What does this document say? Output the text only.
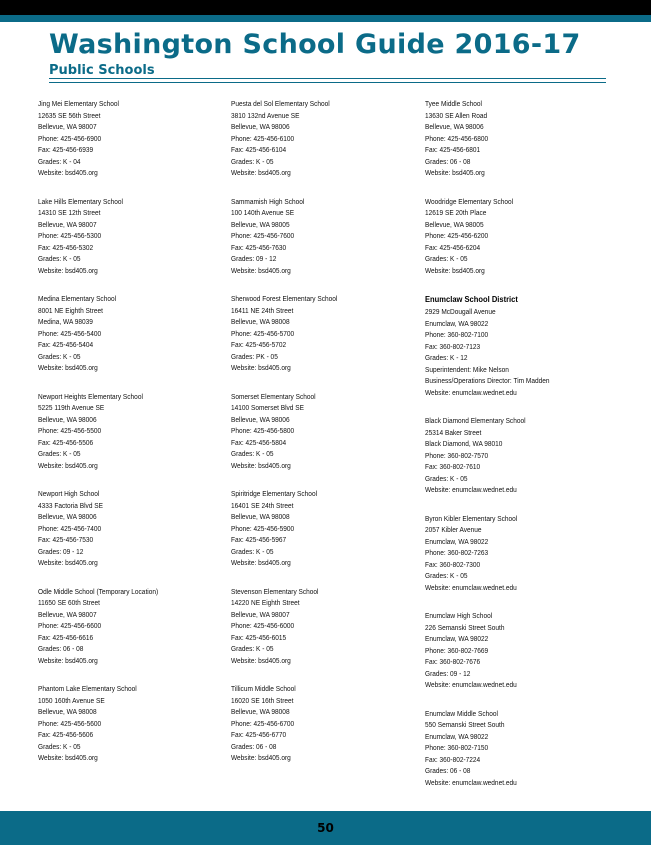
Washington School Guide 2016-17
Public Schools
Jing Mei Elementary School
12635 SE 56th Street
Bellevue, WA 98007
Phone: 425-456-6900
Fax: 425-456-6939
Grades: K - 04
Website: bsd405.org
Lake Hills Elementary School
14310 SE 12th Street
Bellevue, WA 98007
Phone: 425-456-5300
Fax: 425-456-5302
Grades: K - 05
Website: bsd405.org
Medina Elementary School
8001 NE Eighth Street
Medina, WA 98039
Phone: 425-456-5400
Fax: 425-456-5404
Grades: K - 05
Website: bsd405.org
Newport Heights Elementary School
5225 119th Avenue SE
Bellevue, WA 98006
Phone: 425-456-5500
Fax: 425-456-5506
Grades: K - 05
Website: bsd405.org
Newport High School
4333 Factoria Blvd SE
Bellevue, WA 98006
Phone: 425-456-7400
Fax: 425-456-7530
Grades: 09 - 12
Website: bsd405.org
Odle Middle School (Temporary Location)
11650 SE 60th Street
Bellevue, WA 98007
Phone: 425-456-6600
Fax: 425-456-6616
Grades: 06 - 08
Website: bsd405.org
Phantom Lake Elementary School
1050 160th Avenue SE
Bellevue, WA 98008
Phone: 425-456-5600
Fax: 425-456-5606
Grades: K - 05
Website: bsd405.org
Puesta del Sol Elementary School
3810 132nd Avenue SE
Bellevue, WA 98006
Phone: 425-456-6100
Fax: 425-456-6104
Grades: K - 05
Website: bsd405.org
Sammamish High School
100 140th Avenue SE
Bellevue, WA 98005
Phone: 425-456-7600
Fax: 425-456-7630
Grades: 09 - 12
Website: bsd405.org
Sherwood Forest Elementary School
16411 NE 24th Street
Bellevue, WA 98008
Phone: 425-456-5700
Fax: 425-456-5702
Grades: PK - 05
Website: bsd405.org
Somerset Elementary School
14100 Somerset Blvd SE
Bellevue, WA 98006
Phone: 425-456-5800
Fax: 425-456-5804
Grades: K - 05
Website: bsd405.org
Spiritridge Elementary School
16401 SE 24th Street
Bellevue, WA 98008
Phone: 425-456-5900
Fax: 425-456-5967
Grades: K - 05
Website: bsd405.org
Stevenson Elementary School
14220 NE Eighth Street
Bellevue, WA 98007
Phone: 425-456-6000
Fax: 425-456-6015
Grades: K - 05
Website: bsd405.org
Tillicum Middle School
16020 SE 16th Street
Bellevue, WA 98008
Phone: 425-456-6700
Fax: 425-456-6770
Grades: 06 - 08
Website: bsd405.org
Tyee Middle School
13630 SE Allen Road
Bellevue, WA 98006
Phone: 425-456-6800
Fax: 425-456-6801
Grades: 06 - 08
Website: bsd405.org
Woodridge Elementary School
12619 SE 20th Place
Bellevue, WA 98005
Phone: 425-456-6200
Fax: 425-456-6204
Grades: K - 05
Website: bsd405.org
Enumclaw School District
2929 McDougall Avenue
Enumclaw, WA 98022
Phone: 360-802-7100
Fax: 360-802-7123
Grades: K - 12
Superintendent: Mike Nelson
Business/Operations Director: Tim Madden
Website: enumclaw.wednet.edu
Black Diamond Elementary School
25314 Baker Street
Black Diamond, WA 98010
Phone: 360-802-7570
Fax: 360-802-7610
Grades: K - 05
Website: enumclaw.wednet.edu
Byron Kibler Elementary School
2057 Kibler Avenue
Enumclaw, WA 98022
Phone: 360-802-7263
Fax: 360-802-7300
Grades: K - 05
Website: enumclaw.wednet.edu
Enumclaw High School
226 Semanski Street South
Enumclaw, WA 98022
Phone: 360-802-7669
Fax: 360-802-7676
Grades: 09 - 12
Website: enumclaw.wednet.edu
Enumclaw Middle School
550 Semanski Street South
Enumclaw, WA 98022
Phone: 360-802-7150
Fax: 360-802-7224
Grades: 06 - 08
Website: enumclaw.wednet.edu
50
